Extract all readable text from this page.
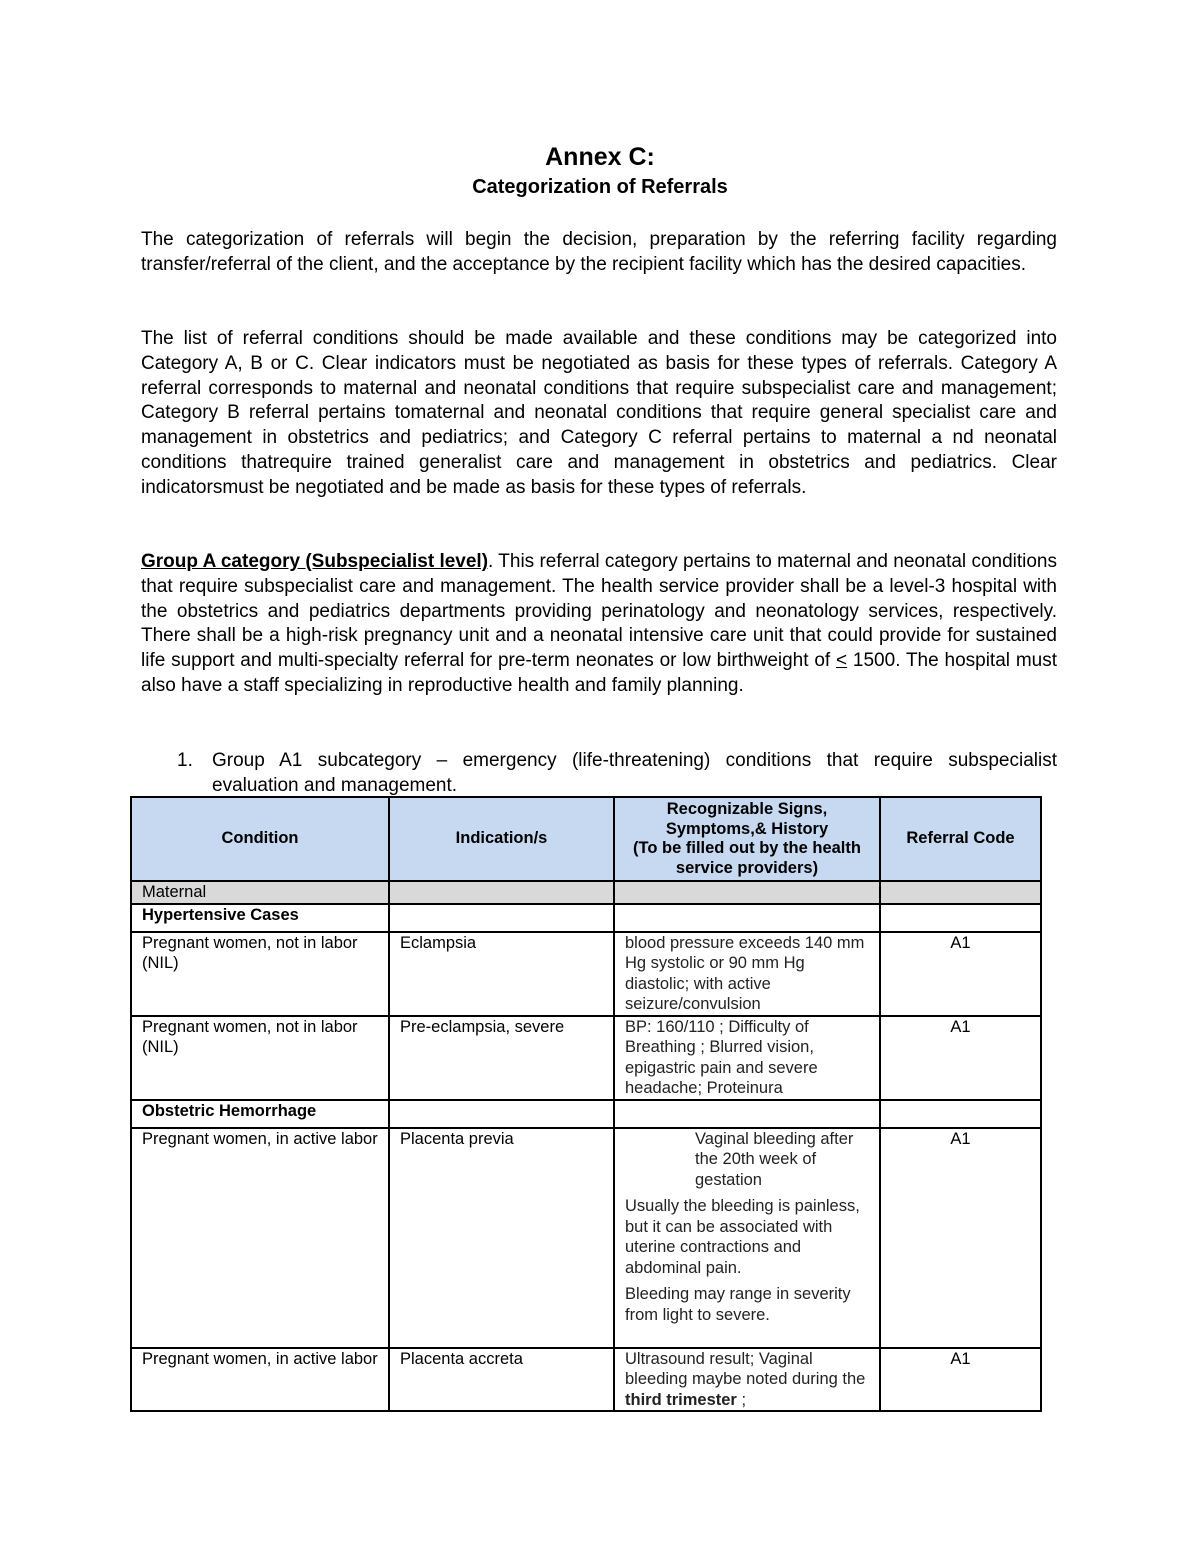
Annex C:
Categorization of Referrals

The categorization of referrals will begin the decision, preparation by the referring facility regarding transfer/referral of the client, and the acceptance by the recipient facility which has the desired capacities.

The list of referral conditions should be made available and these conditions may be categorized into Category A, B or C. Clear indicators must be negotiated as basis for these types of referrals. Category A referral corresponds to maternal and neonatal conditions that require subspecialist care and management; Category B referral pertains tomaternal and neonatal conditions that require general specialist care and management in obstetrics and pediatrics; and Category C referral pertains to maternal a nd neonatal conditions thatrequire trained generalist care and management in obstetrics and pediatrics. Clear indicatorsmust be negotiated and be made as basis for these types of referrals.

Group A category (Subspecialist level). This referral category pertains to maternal and neonatal conditions that require subspecialist care and management. The health service provider shall be a level-3 hospital with the obstetrics and pediatrics departments providing perinatology and neonatology services, respectively. There shall be a high-risk pregnancy unit and a neonatal intensive care unit that could provide for sustained life support and multi-specialty referral for pre-term neonates or low birthweight of ≤ 1500. The hospital must also have a staff specializing in reproductive health and family planning.

1. Group A1 subcategory – emergency (life-threatening) conditions that require subspecialist evaluation and management.
Condition	Indication/s	Recognizable Signs,
Symptoms,& History
(To be filled out by the health service providers)	Referral Code
Maternal			
Hypertensive Cases			
Pregnant women, not in labor (NIL)	Eclampsia	blood pressure exceeds 140 mm Hg systolic or 90 mm Hg diastolic; with active seizure/convulsion	A1
Pregnant women, not in labor (NIL)	Pre-eclampsia, severe	BP: 160/110 ; Difficulty of Breathing ; Blurred vision, epigastric pain and severe headache; Proteinura	A1
Obstetric Hemorrhage			
Pregnant women, in active labor	Placenta previa	Vaginal bleeding after the 20th week of gestation
Usually the bleeding is painless, but it can be associated with uterine contractions and abdominal pain.
Bleeding may range in severity from light to severe.	A1
Pregnant women, in active labor	Placenta accreta	Ultrasound result; Vaginal bleeding maybe noted during the third trimester ;	A1
